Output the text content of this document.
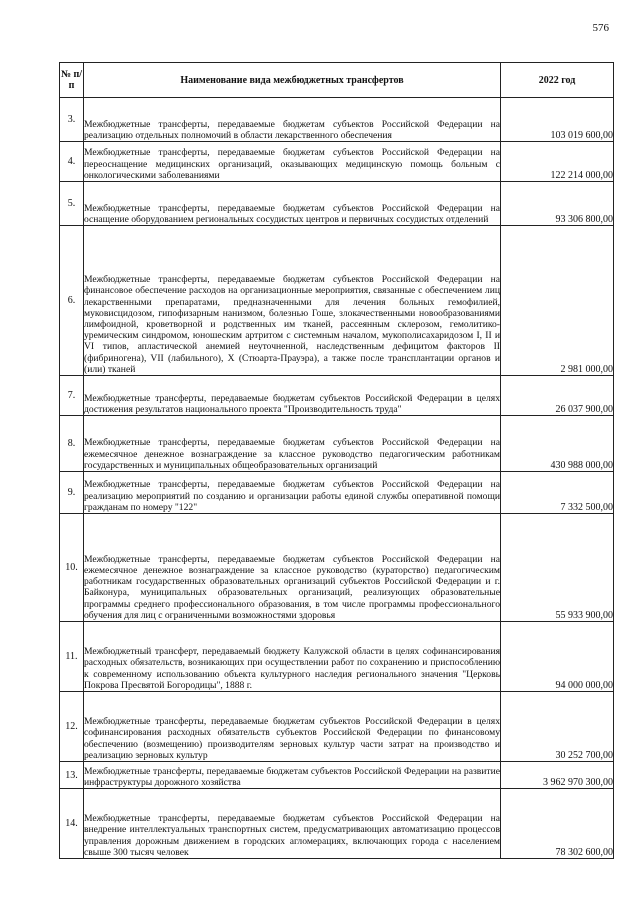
576
№ п/п	Наименование вида межбюджетных трансфертов	2022 год
3.	Межбюджетные трансферты, передаваемые бюджетам субъектов Российской Федерации на реализацию отдельных полномочий в области лекарственного обеспечения	103 019 600,00
4.	Межбюджетные трансферты, передаваемые бюджетам субъектов Российской Федерации на переоснащение медицинских организаций, оказывающих медицинскую помощь больным с онкологическими заболеваниями	122 214 000,00
5.	Межбюджетные трансферты, передаваемые бюджетам субъектов Российской Федерации на оснащение оборудованием региональных сосудистых центров и первичных сосудистых отделений	93 306 800,00
6.	Межбюджетные трансферты, передаваемые бюджетам субъектов Российской Федерации на финансовое обеспечение расходов на организационные мероприятия, связанные с обеспечением лиц лекарственными препаратами, предназначенными для лечения больных гемофилией, муковисцидозом, гипофизарным нанизмом, болезнью Гоше, злокачественными новообразованиями лимфоидной, кроветворной и родственных им тканей, рассеянным склерозом, гемолитико-уремическим синдромом, юношеским артритом с системным началом, мукополисахаридозом I, II и VI типов, апластической анемией неуточненной, наследственным дефицитом факторов II (фибриногена), VII (лабильного), X (Стюарта-Прауэра), а также после трансплантации органов и (или) тканей	2 981 000,00
7.	Межбюджетные трансферты, передаваемые бюджетам субъектов Российской Федерации в целях достижения результатов национального проекта "Производительность труда"	26 037 900,00
8.	Межбюджетные трансферты, передаваемые бюджетам субъектов Российской Федерации на ежемесячное денежное вознаграждение за классное руководство педагогическим работникам государственных и муниципальных общеобразовательных организаций	430 988 000,00
9.	Межбюджетные трансферты, передаваемые бюджетам субъектов Российской Федерации на реализацию мероприятий по созданию и организации работы единой службы оперативной помощи гражданам по номеру "122"	7 332 500,00
10.	Межбюджетные трансферты, передаваемые бюджетам субъектов Российской Федерации на ежемесячное денежное вознаграждение за классное руководство (кураторство) педагогическим работникам государственных образовательных организаций субъектов Российской Федерации и г. Байконура, муниципальных образовательных организаций, реализующих образовательные программы среднего профессионального образования, в том числе программы профессионального обучения для лиц с ограниченными возможностями здоровья	55 933 900,00
11.	Межбюджетный трансферт, передаваемый бюджету Калужской области в целях софинансирования расходных обязательств, возникающих при осуществлении работ по сохранению и приспособлению к современному использованию объекта культурного наследия регионального значения "Церковь Покрова Пресвятой Богородицы", 1888 г.	94 000 000,00
12.	Межбюджетные трансферты, передаваемые бюджетам субъектов Российской Федерации в целях софинансирования расходных обязательств субъектов Российской Федерации по финансовому обеспечению (возмещению) производителям зерновых культур части затрат на производство и реализацию зерновых культур	30 252 700,00
13.	Межбюджетные трансферты, передаваемые бюджетам субъектов Российской Федерации на развитие инфраструктуры дорожного хозяйства	3 962 970 300,00
14.	Межбюджетные трансферты, передаваемые бюджетам субъектов Российской Федерации на внедрение интеллектуальных транспортных систем, предусматривающих автоматизацию процессов управления дорожным движением в городских агломерациях, включающих города с населением свыше 300 тысяч человек	78 302 600,00
